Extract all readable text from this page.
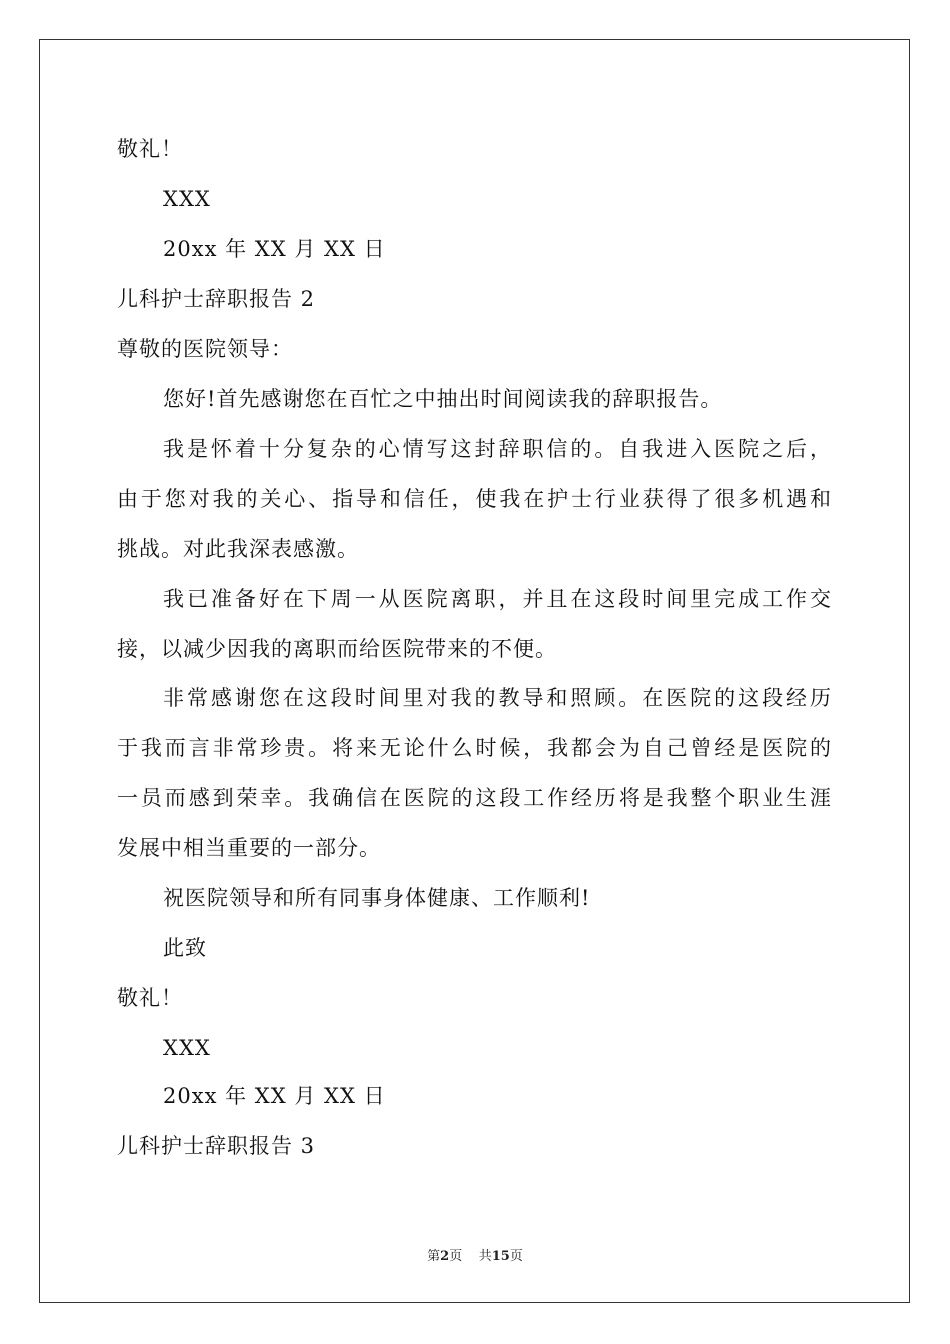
敬礼！
XXX
20xx 年 XX 月 XX 日
儿科护士辞职报告 2
尊敬的医院领导：
您好!首先感谢您在百忙之中抽出时间阅读我的辞职报告。
我是怀着十分复杂的心情写这封辞职信的。自我进入医院之后，
由于您对我的关心、指导和信任，使我在护士行业获得了很多机遇和
挑战。对此我深表感激。
我已准备好在下周一从医院离职，并且在这段时间里完成工作交
接，以减少因我的离职而给医院带来的不便。
非常感谢您在这段时间里对我的教导和照顾。在医院的这段经历
于我而言非常珍贵。将来无论什么时候，我都会为自己曾经是医院的
一员而感到荣幸。我确信在医院的这段工作经历将是我整个职业生涯
发展中相当重要的一部分。
祝医院领导和所有同事身体健康、工作顺利!
此致
敬礼！
XXX
20xx 年 XX 月 XX 日
儿科护士辞职报告 3
第2页 共15页
